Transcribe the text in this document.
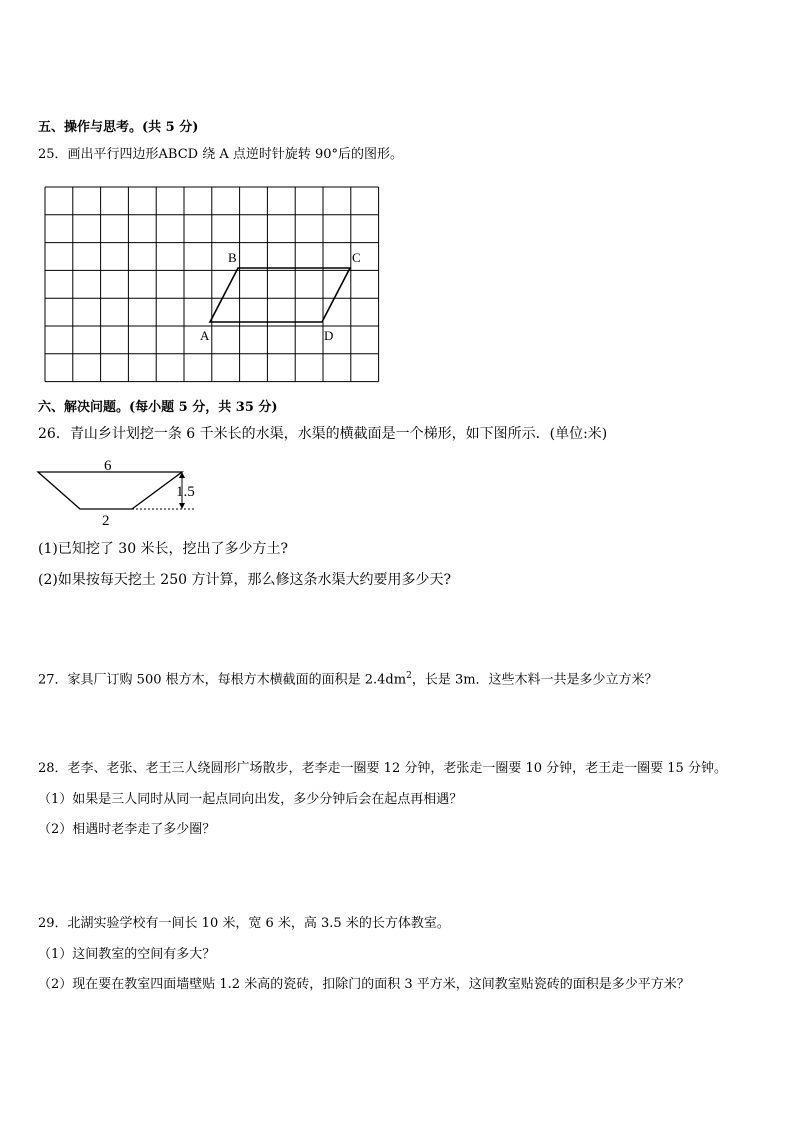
五、操作与思考。(共 5 分)
25．画出平行四边形ABCD 绕 A 点逆时针旋转 90°后的图形。
A
B	C
D
六、解决问题。(每小题 5 分，共 35 分)
26．青山乡计划挖一条 6 千米长的水渠，水渠的横截面是一个梯形，如下图所示．(单位:米)
6
2
1.5
(1)已知挖了 30 米长，挖出了多少方土?
(2)如果按每天挖土 250 方计算，那么修这条水渠大约要用多少天?
27．家具厂订购 500 根方木，每根方木横截面的面积是 $2.4dm^2$，长是 3m．这些木料一共是多少立方米？
28．老李、老张、老王三人绕圆形广场散步，老李走一圈要 12 分钟，老张走一圈要 10 分钟，老王走一圈要 15 分钟。
（1）如果是三人同时从同一起点同向出发，多少分钟后会在起点再相遇？
（2）相遇时老李走了多少圈？
29．北湖实验学校有一间长 10 米，宽 6 米，高 3.5 米的长方体教室。
（1）这间教室的空间有多大？
（2）现在要在教室四面墙壁贴 1.2 米高的瓷砖，扣除门的面积 3 平方米，这间教室贴瓷砖的面积是多少平方米？
